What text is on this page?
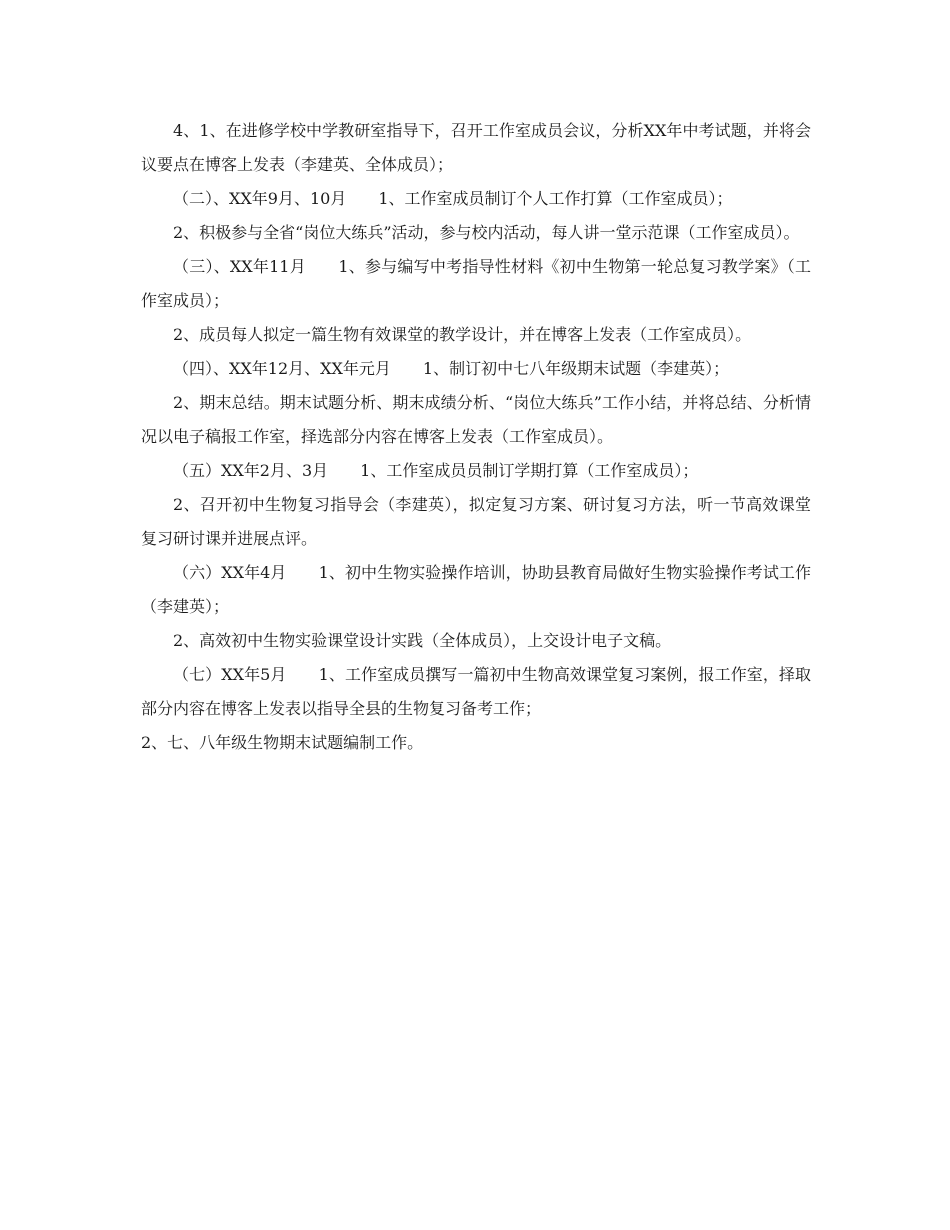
4、1、在进修学校中学教研室指导下，召开工作室成员会议，分析XX年中考试题，并将会议要点在博客上发表（李建英、全体成员）；

（二）、XX年9月、10月　　1、工作室成员制订个人工作打算（工作室成员）；

2、积极参与全省“岗位大练兵”活动，参与校内活动，每人讲一堂示范课（工作室成员）。

（三）、XX年11月　　1、参与编写中考指导性材料《初中生物第一轮总复习教学案》（工作室成员）；

2、成员每人拟定一篇生物有效课堂的教学设计，并在博客上发表（工作室成员）。

（四）、XX年12月、XX年元月　　1、制订初中七八年级期末试题（李建英）；

2、期末总结。期末试题分析、期末成绩分析、“岗位大练兵”工作小结，并将总结、分析情况以电子稿报工作室，择选部分内容在博客上发表（工作室成员）。

（五）XX年2月、3月　　1、工作室成员员制订学期打算（工作室成员）；

2、召开初中生物复习指导会（李建英），拟定复习方案、研讨复习方法，听一节高效课堂复习研讨课并进展点评。

（六）XX年4月　　1、初中生物实验操作培训，协助县教育局做好生物实验操作考试工作（李建英）；

2、高效初中生物实验课堂设计实践（全体成员），上交设计电子文稿。

（七）XX年5月　　1、工作室成员撰写一篇初中生物高效课堂复习案例，报工作室，择取部分内容在博客上发表以指导全县的生物复习备考工作；

2、七、八年级生物期末试题编制工作。
